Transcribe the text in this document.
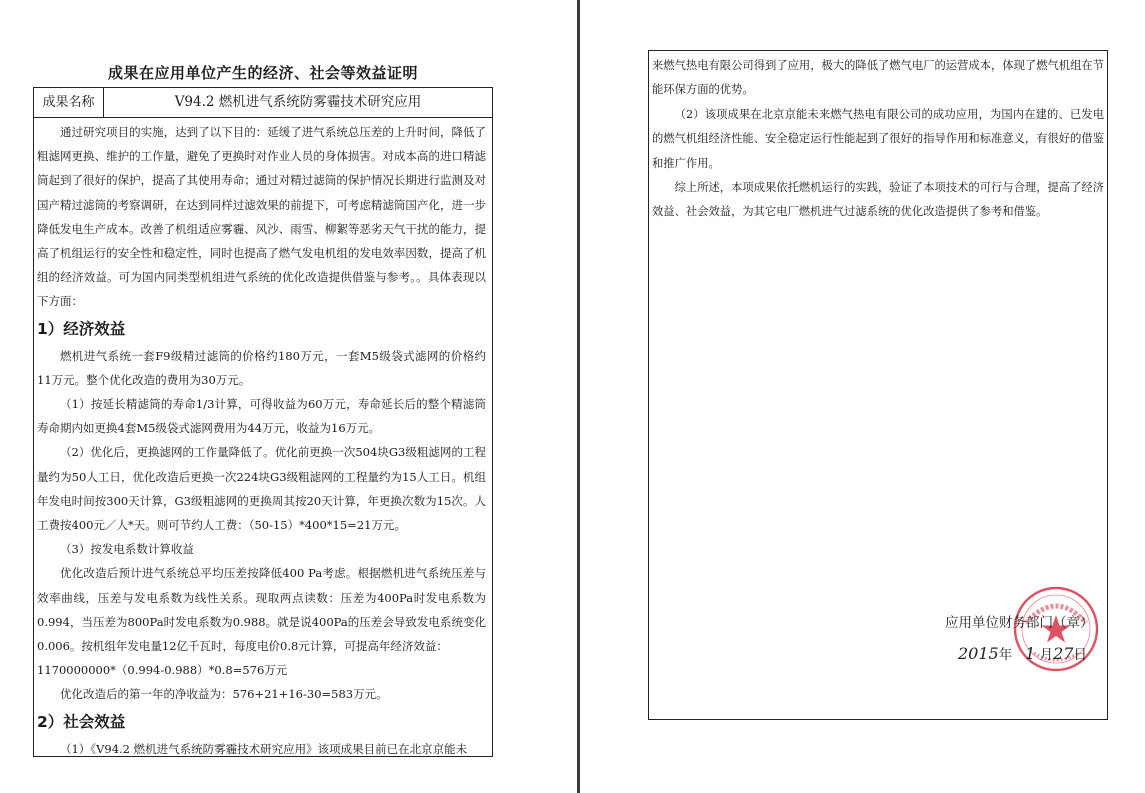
成果在应用单位产生的经济、社会等效益证明
成果名称	V94.2 燃机进气系统防雾霾技术研究应用

通过研究项目的实施，达到了以下目的：延缓了进气系统总压差的上升时间，降低了粗滤网更换、维护的工作量，避免了更换时对作业人员的身体损害。对成本高的进口精滤筒起到了很好的保护，提高了其使用寿命；通过对精过滤筒的保护情况长期进行监测及对国产精过滤筒的考察调研，在达到同样过滤效果的前提下，可考虑精滤筒国产化，进一步降低发电生产成本。改善了机组适应雾霾、风沙、雨雪、柳絮等恶劣天气干扰的能力，提高了机组运行的安全性和稳定性，同时也提高了燃气发电机组的发电效率因数，提高了机组的经济效益。可为国内同类型机组进气系统的优化改造提供借鉴与参考。。具体表现以下方面：

1）经济效益

燃机进气系统一套F9级精过滤筒的价格约180万元，一套M5级袋式滤网的价格约11万元。整个优化改造的费用为30万元。

（1）按延长精滤筒的寿命1/3计算，可得收益为60万元，寿命延长后的整个精滤筒寿命期内如更换4套M5级袋式滤网费用为44万元，收益为16万元。

（2）优化后，更换滤网的工作量降低了。优化前更换一次504块G3级粗滤网的工程量约为50人工日，优化改造后更换一次224块G3级粗滤网的工程量约为15人工日。机组年发电时间按300天计算，G3级粗滤网的更换周其按20天计算，年更换次数为15次。人工费按400元／人*天。则可节约人工费：（50-15）*400*15=21万元。

（3）按发电系数计算收益

优化改造后预计进气系统总平均压差按降低400 Pa考虑。根据燃机进气系统压差与效率曲线，压差与发电系数为线性关系。现取两点读数：压差为400Pa时发电系数为0.994，当压差为800Pa时发电系数为0.988。就是说400Pa的压差会导致发电系统变化0.006。按机组年发电量12亿千瓦时，每度电价0.8元计算，可提高年经济效益：

1170000000*（0.994-0.988）*0.8=576万元

优化改造后的第一年的净收益为：576+21+16-30=583万元。

2）社会效益

（1）《V94.2 燃机进气系统防雾霾技术研究应用》该项成果目前已在北京京能未

来燃气热电有限公司得到了应用，极大的降低了燃气电厂的运营成本，体现了燃气机组在节能环保方面的优势。

（2）该项成果在北京京能未来燃气热电有限公司的成功应用，为国内在建的、已发电的燃气机组经济性能、安全稳定运行性能起到了很好的指导作用和标准意义，有很好的借鉴和推广作用。

综上所述，本项成果依托燃机运行的实践，验证了本项技术的可行与合理，提高了经济效益、社会效益，为其它电厂燃机进气过滤系统的优化改造提供了参考和借鉴。

应用单位财务部门（章）
2015年 1 月27日
